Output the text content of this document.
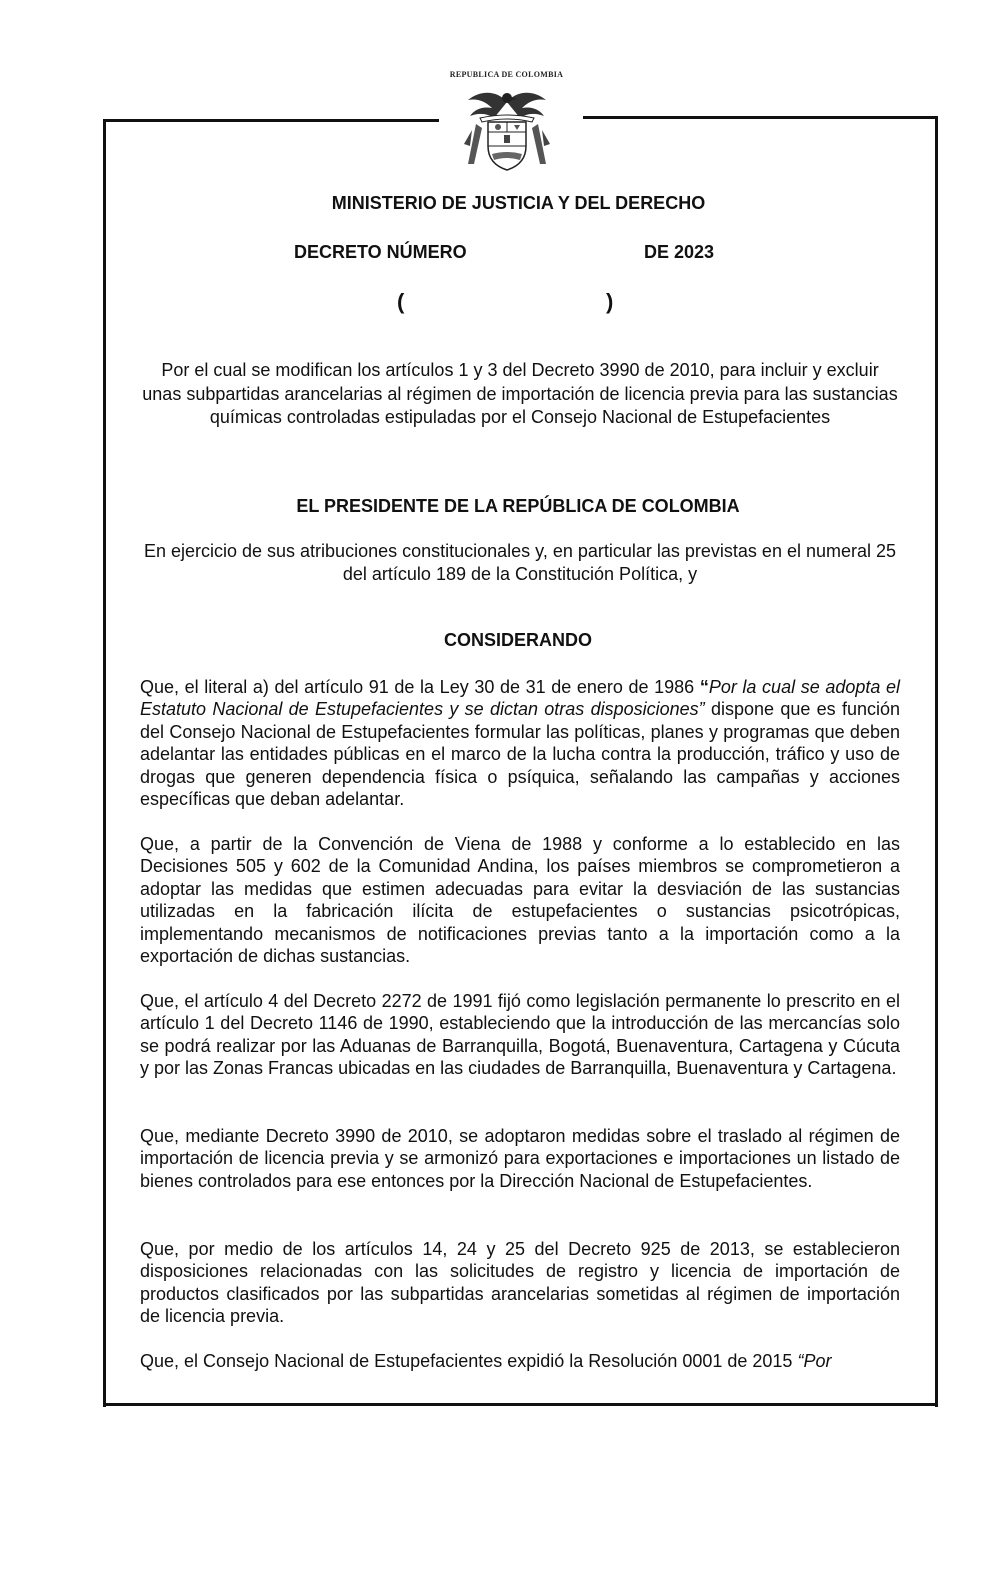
REPUBLICA DE COLOMBIA
MINISTERIO DE JUSTICIA Y DEL DERECHO
DECRETO NÚMERO	DE 2023
(	)
Por el cual se modifican los artículos 1 y 3 del Decreto 3990 de 2010, para incluir y excluir unas subpartidas arancelarias al régimen de importación de licencia previa para las sustancias químicas controladas estipuladas por el Consejo Nacional de Estupefacientes
EL PRESIDENTE DE LA REPÚBLICA DE COLOMBIA
En ejercicio de sus atribuciones constitucionales y, en particular las previstas en el numeral 25 del artículo 189 de la Constitución Política, y
CONSIDERANDO
Que, el literal a) del artículo 91 de la Ley 30 de 31 de enero de 1986 “Por la cual se adopta el Estatuto Nacional de Estupefacientes y se dictan otras disposiciones” dispone que es función del Consejo Nacional de Estupefacientes formular las políticas, planes y programas que deben adelantar las entidades públicas en el marco de la lucha contra la producción, tráfico y uso de drogas que generen dependencia física o psíquica, señalando las campañas y acciones específicas que deban adelantar.
Que, a partir de la Convención de Viena de 1988 y conforme a lo establecido en las Decisiones 505 y 602 de la Comunidad Andina, los países miembros se comprometieron a adoptar las medidas que estimen adecuadas para evitar la desviación de las sustancias utilizadas en la fabricación ilícita de estupefacientes o sustancias psicotrópicas, implementando mecanismos de notificaciones previas tanto a la importación como a la exportación de dichas sustancias.
Que, el artículo 4 del Decreto 2272 de 1991 fijó como legislación permanente lo prescrito en el artículo 1 del Decreto 1146 de 1990, estableciendo que la introducción de las mercancías solo se podrá realizar por las Aduanas de Barranquilla, Bogotá, Buenaventura, Cartagena y Cúcuta y por las Zonas Francas ubicadas en las ciudades de Barranquilla, Buenaventura y Cartagena.
Que, mediante Decreto 3990 de 2010, se adoptaron medidas sobre el traslado al régimen de importación de licencia previa y se armonizó para exportaciones e importaciones un listado de bienes controlados para ese entonces por la Dirección Nacional de Estupefacientes.
Que, por medio de los artículos 14, 24 y 25 del Decreto 925 de 2013, se establecieron disposiciones relacionadas con las solicitudes de registro y licencia de importación de productos clasificados por las subpartidas arancelarias sometidas al régimen de importación de licencia previa.
Que, el Consejo Nacional de Estupefacientes expidió la Resolución 0001 de 2015 “Por
